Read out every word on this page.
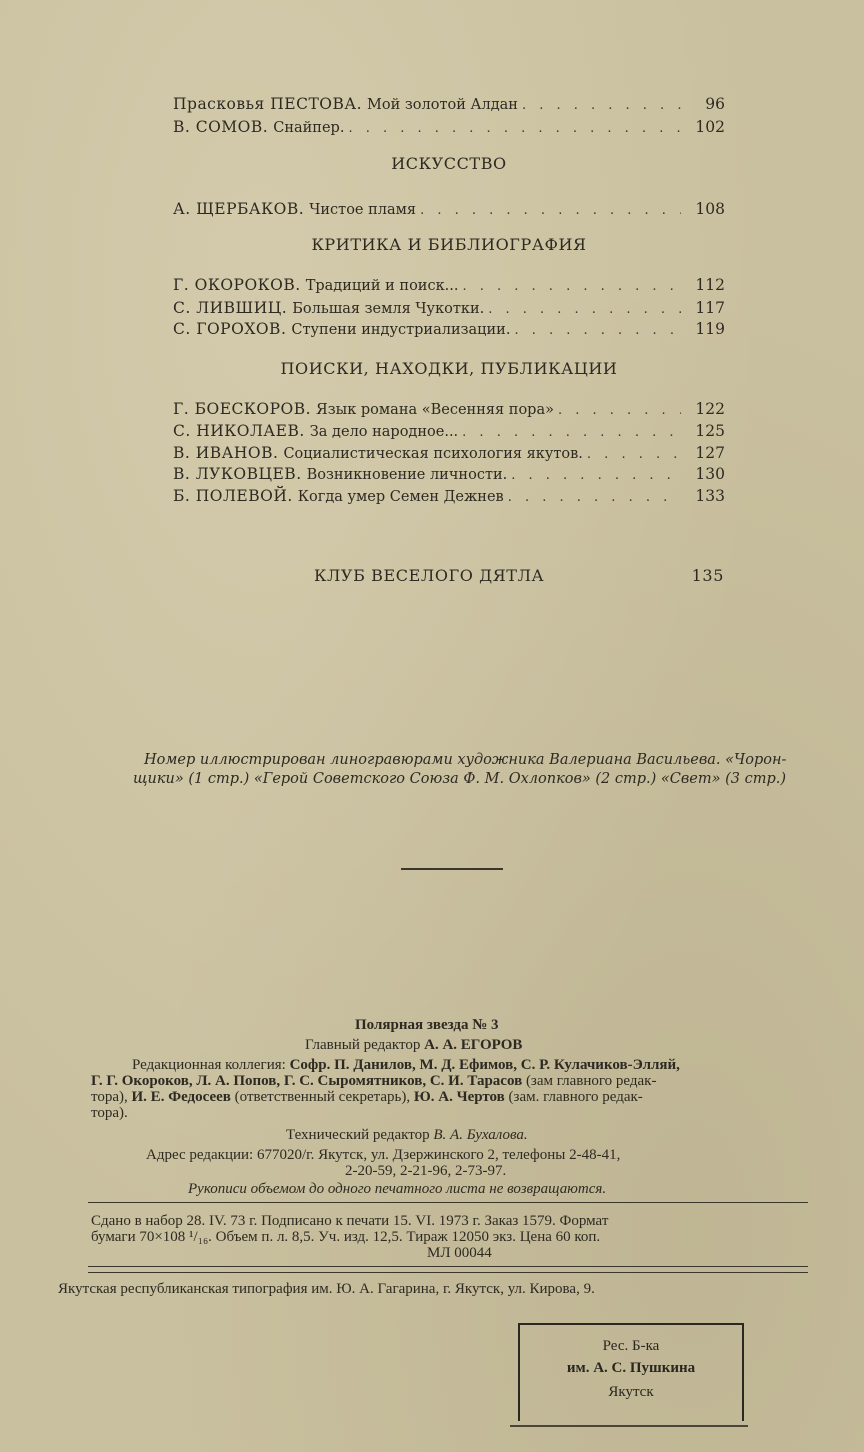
Прасковья ПЕСТОВА. Мой золотой Алдан . . .	96
В. СОМОВ. Снайпер. . . .	102
ИСКУССТВО
А. ЩЕРБАКОВ. Чистое пламя . . .	108
КРИТИКА И БИБЛИОГРАФИЯ
Г. ОКОРОКОВ. Традиций и поиск... . . .	112
С. ЛИВШИЦ. Большая земля Чукотки. . . .	117
С. ГОРОХОВ. Ступени индустриализации. . . .	119
ПОИСКИ, НАХОДКИ, ПУБЛИКАЦИИ
Г. БОЕСКОРОВ. Язык романа «Весенняя пора» . . .	122
С. НИКОЛАЕВ. За дело народное... . . .	125
В. ИВАНОВ. Социалистическая психология якутов. . . .	127
В. ЛУКОВЦЕВ. Возникновение личности. . . .	130
Б. ПОЛЕВОЙ. Когда умер Семен Дежнев . . .	133
КЛУБ ВЕСЕЛОГО ДЯТЛА	135
Номер иллюстрирован линогравюрами художника Валериана Васильева. «Чорон-
щики» (1 стр.) «Герой Советского Союза Ф. М. Охлопков» (2 стр.) «Свет» (3 стр.)
Полярная звезда № 3
Главный редактор А. А. ЕГОРОВ
Редакционная коллегия: Софр. П. Данилов, М. Д. Ефимов, С. Р. Кулачиков-Элляй,
Г. Г. Окороков, Л. А. Попов, Г. С. Сыромятников, С. И. Тарасов (зам главного редак-
тора), И. Е. Федосеев (ответственный секретарь), Ю. А. Чертов (зам. главного редак-
тора).
Технический редактор В. А. Бухалова.
Адрес редакции: 677020/г. Якутск, ул. Дзержинского 2, телефоны 2-48-41,
2-20-59, 2-21-96, 2-73-97.
Рукописи объемом до одного печатного листа не возвращаются.
Сдано в набор 28. IV. 73 г. Подписано к печати 15. VI. 1973 г. Заказ 1579. Формат
бумаги 70×108 ¹/₁₆. Объем п. л. 8,5. Уч. изд. 12,5. Тираж 12050 экз. Цена 60 коп.
МЛ 00044
Якутская республиканская типография им. Ю. А. Гагарина, г. Якутск, ул. Кирова, 9.
Рес. Б-ка
им. А. С. Пушкина
Якутск
